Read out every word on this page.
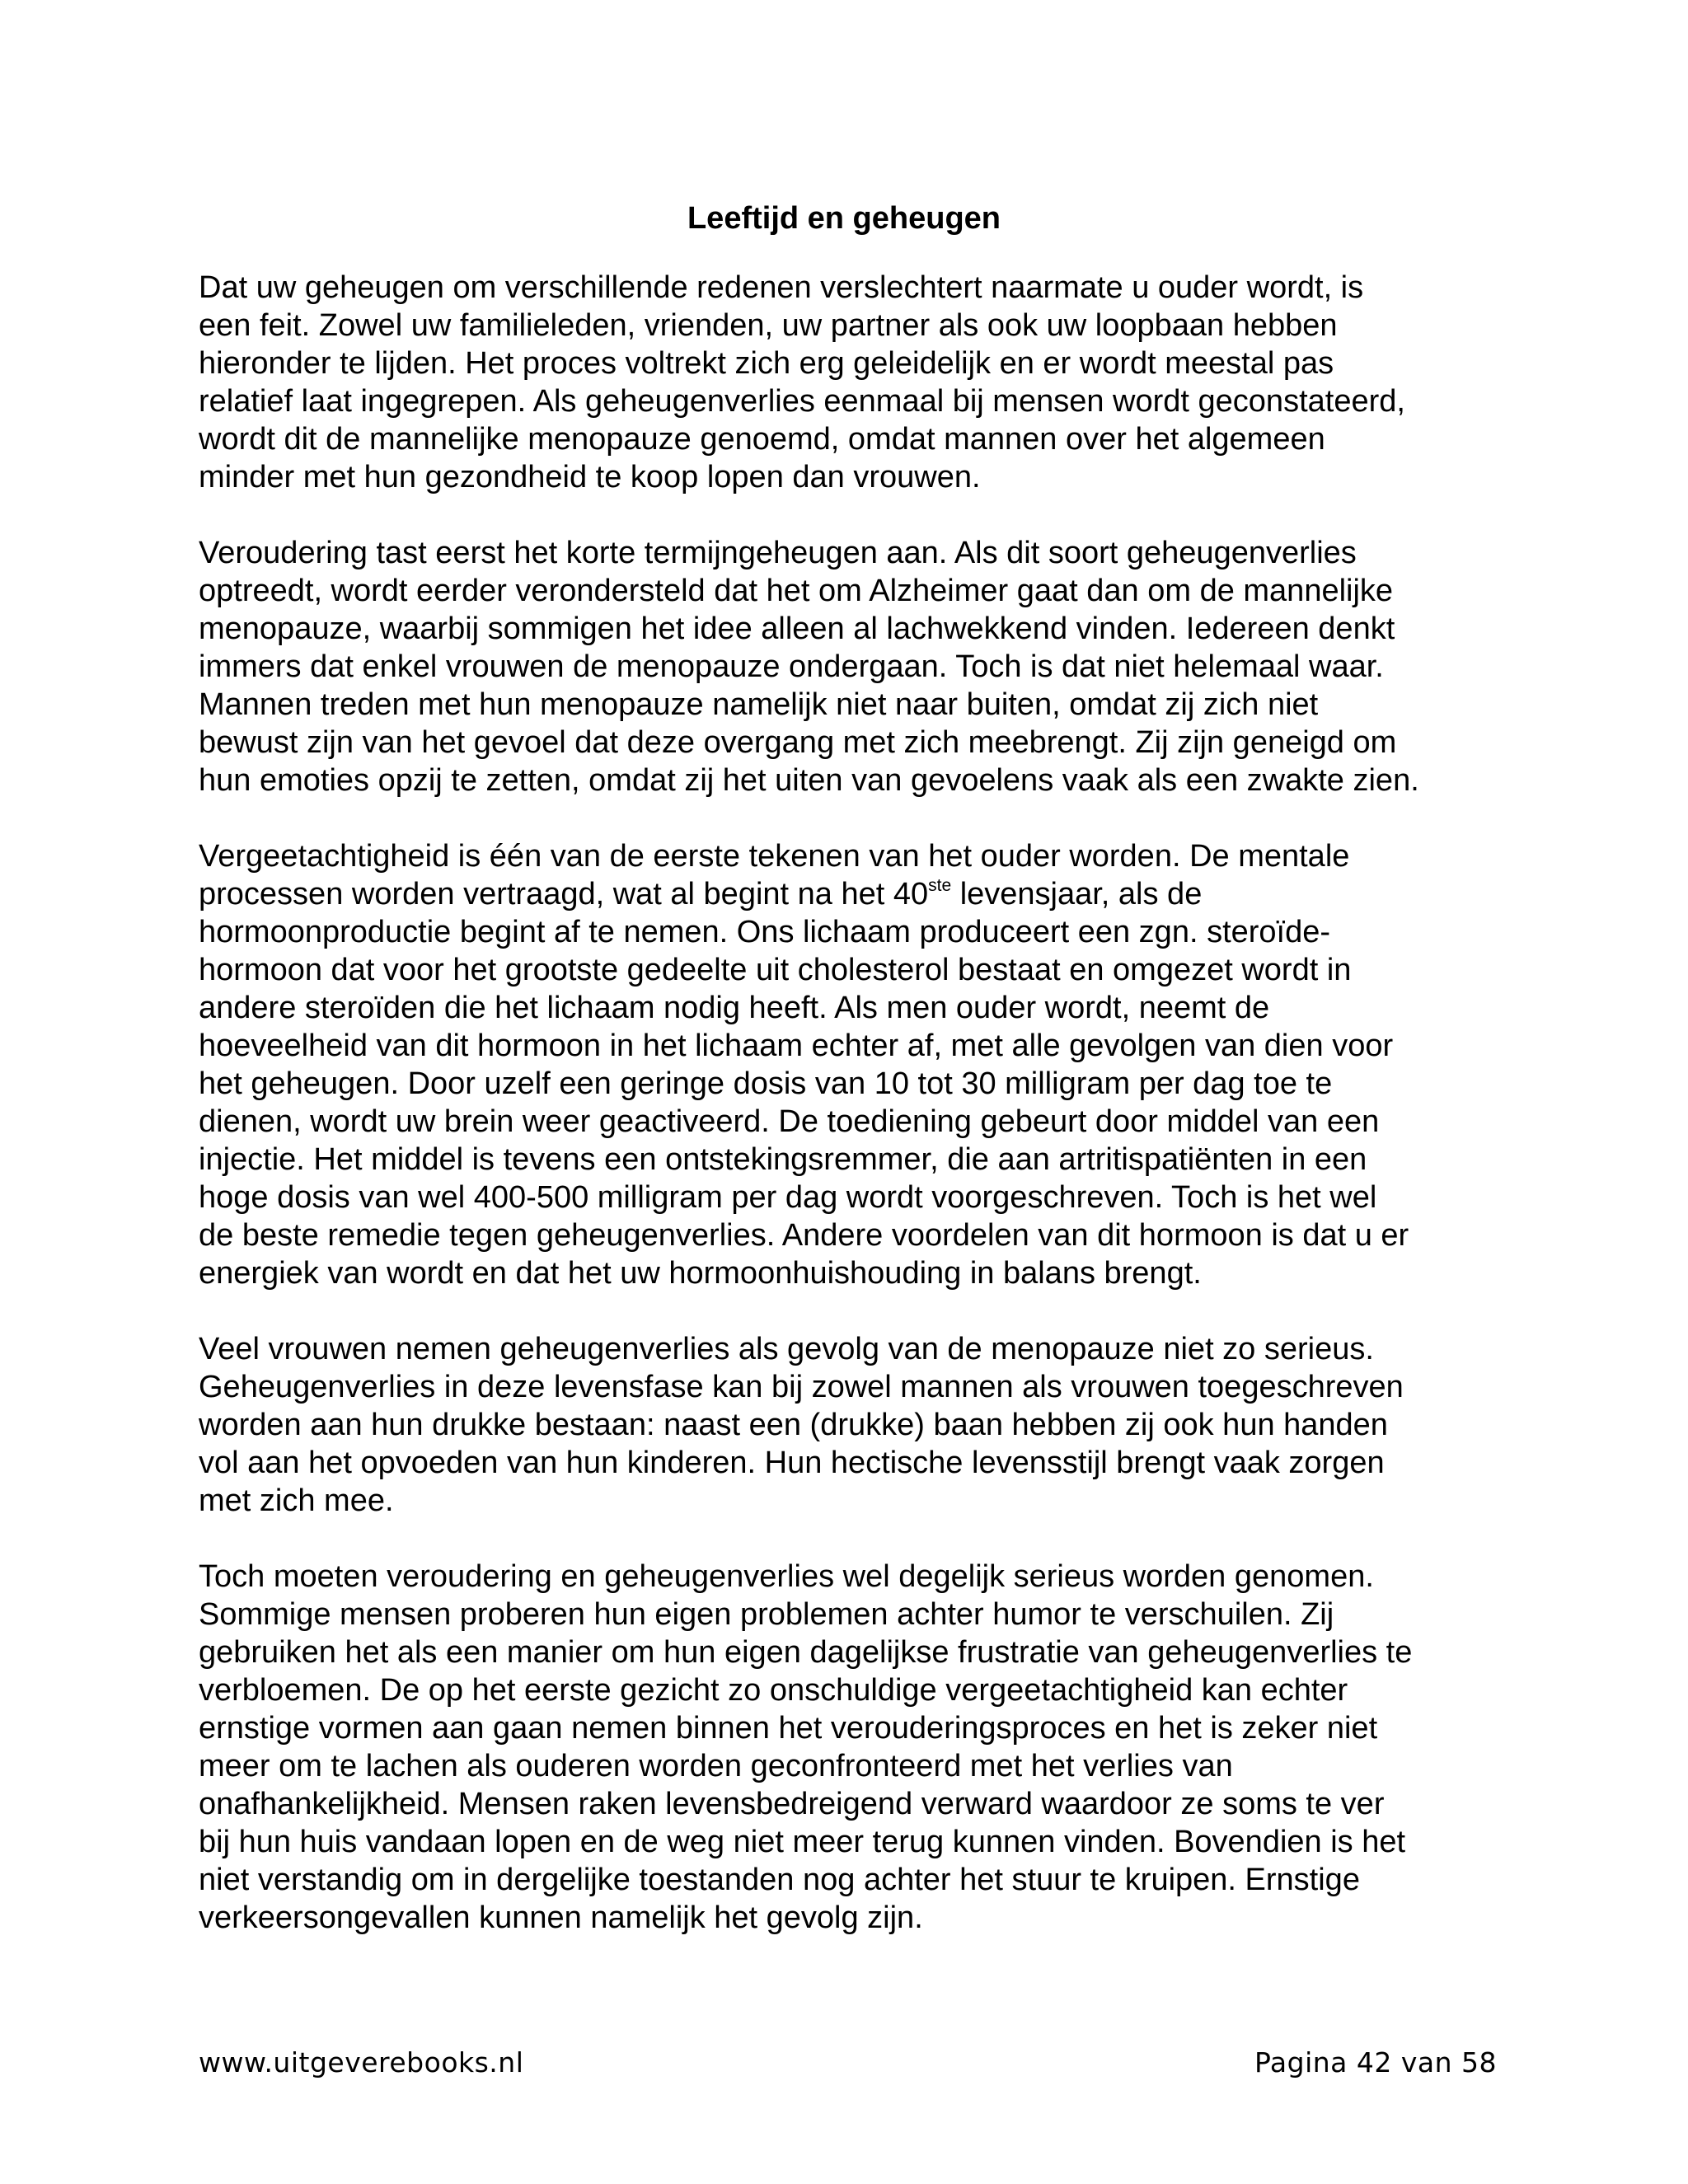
Leeftijd en geheugen

Dat uw geheugen om verschillende redenen verslechtert naarmate u ouder wordt, is
een feit. Zowel uw familieleden, vrienden, uw partner als ook uw loopbaan hebben
hieronder te lijden. Het proces voltrekt zich erg geleidelijk en er wordt meestal pas
relatief laat ingegrepen. Als geheugenverlies eenmaal bij mensen wordt geconstateerd,
wordt dit de mannelijke menopauze genoemd, omdat mannen over het algemeen
minder met hun gezondheid te koop lopen dan vrouwen.

Veroudering tast eerst het korte termijngeheugen aan. Als dit soort geheugenverlies
optreedt, wordt eerder verondersteld dat het om Alzheimer gaat dan om de mannelijke
menopauze, waarbij sommigen het idee alleen al lachwekkend vinden. Iedereen denkt
immers dat enkel vrouwen de menopauze ondergaan. Toch is dat niet helemaal waar.
Mannen treden met hun menopauze namelijk niet naar buiten, omdat zij zich niet
bewust zijn van het gevoel dat deze overgang met zich meebrengt. Zij zijn geneigd om
hun emoties opzij te zetten, omdat zij het uiten van gevoelens vaak als een zwakte zien.

Vergeetachtigheid is één van de eerste tekenen van het ouder worden. De mentale
processen worden vertraagd, wat al begint na het 40ste levensjaar, als de
hormoonproductie begint af te nemen. Ons lichaam produceert een zgn. steroïde-
hormoon dat voor het grootste gedeelte uit cholesterol bestaat en omgezet wordt in
andere steroïden die het lichaam nodig heeft. Als men ouder wordt, neemt de
hoeveelheid van dit hormoon in het lichaam echter af, met alle gevolgen van dien voor
het geheugen. Door uzelf een geringe dosis van 10 tot 30 milligram per dag toe te
dienen, wordt uw brein weer geactiveerd. De toediening gebeurt door middel van een
injectie. Het middel is tevens een ontstekingsremmer, die aan artritispatiënten in een
hoge dosis van wel 400-500 milligram per dag wordt voorgeschreven. Toch is het wel
de beste remedie tegen geheugenverlies. Andere voordelen van dit hormoon is dat u er
energiek van wordt en dat het uw hormoonhuishouding in balans brengt.

Veel vrouwen nemen geheugenverlies als gevolg van de menopauze niet zo serieus.
Geheugenverlies in deze levensfase kan bij zowel mannen als vrouwen toegeschreven
worden aan hun drukke bestaan: naast een (drukke) baan hebben zij ook hun handen
vol aan het opvoeden van hun kinderen. Hun hectische levensstijl brengt vaak zorgen
met zich mee.

Toch moeten veroudering en geheugenverlies wel degelijk serieus worden genomen.
Sommige mensen proberen hun eigen problemen achter humor te verschuilen. Zij
gebruiken het als een manier om hun eigen dagelijkse frustratie van geheugenverlies te
verbloemen. De op het eerste gezicht zo onschuldige vergeetachtigheid kan echter
ernstige vormen aan gaan nemen binnen het verouderingsproces en het is zeker niet
meer om te lachen als ouderen worden geconfronteerd met het verlies van
onafhankelijkheid. Mensen raken levensbedreigend verward waardoor ze soms te ver
bij hun huis vandaan lopen en de weg niet meer terug kunnen vinden. Bovendien is het
niet verstandig om in dergelijke toestanden nog achter het stuur te kruipen. Ernstige
verkeersongevallen kunnen namelijk het gevolg zijn.

www.uitgeverebooks.nl	Pagina 42 van 58
